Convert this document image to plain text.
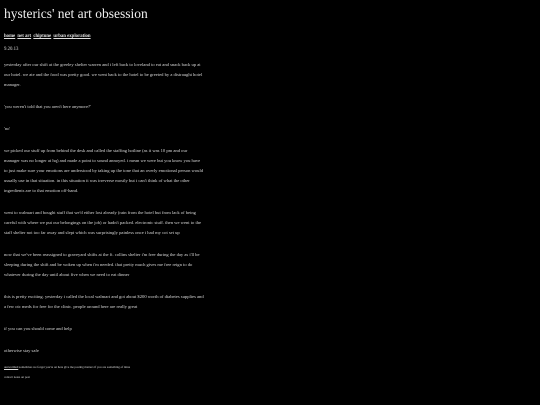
hysterics' net art obsession
home net art chiptune urban exploration
9.20.13

yesterday after our shift at the greeley shelter warren and i left back to loveland to eat and snack back up at our hotel. we ate and the food was pretty good. we went back to the hotel to be greeted by a distraught hotel manager.

'you weren't told that you aren't here anymore?'

'no'

we picked our stuff up from behind the desk and called the staffing hotline (as it was 10 pm and our manager was no longer at hq) and made a point to sound annoyed. i mean we were but you know you have to just make sure your emotions are understood by taking up the tone that an overly emotional person would usually use in that situation. in this situation it was irreverse mostly but i can't think of what the other ingredients are to that emotion off-hand.

went to walmart and bought stuff that we'd either lost already (rain from the hotel but from lack of being careful with where we put our belongings on the job) or hadn't packed. electronic stuff. then we went to the staff shelter not too far away and slept which was surprisingly painless once i had my cot set up

now that we've been reassigned to graveyard shifts at the ft. collins shelter i'm free during the day as i'll be sleeping during the shift and be woken up when i'm needed. that pretty much gives me free reign to do whatever during the day until about five when we need to eat dinner

this is pretty exciting. yesterday i called the local walmart and got about $200 worth of diabetes supplies and a few otc meds for free for the clinic. people around here are really great

if you can you should come and help

otherwise stay safe

ourworlded sometimes we forget you're on here give me posting matters if you are something of mine
contact notes on post
